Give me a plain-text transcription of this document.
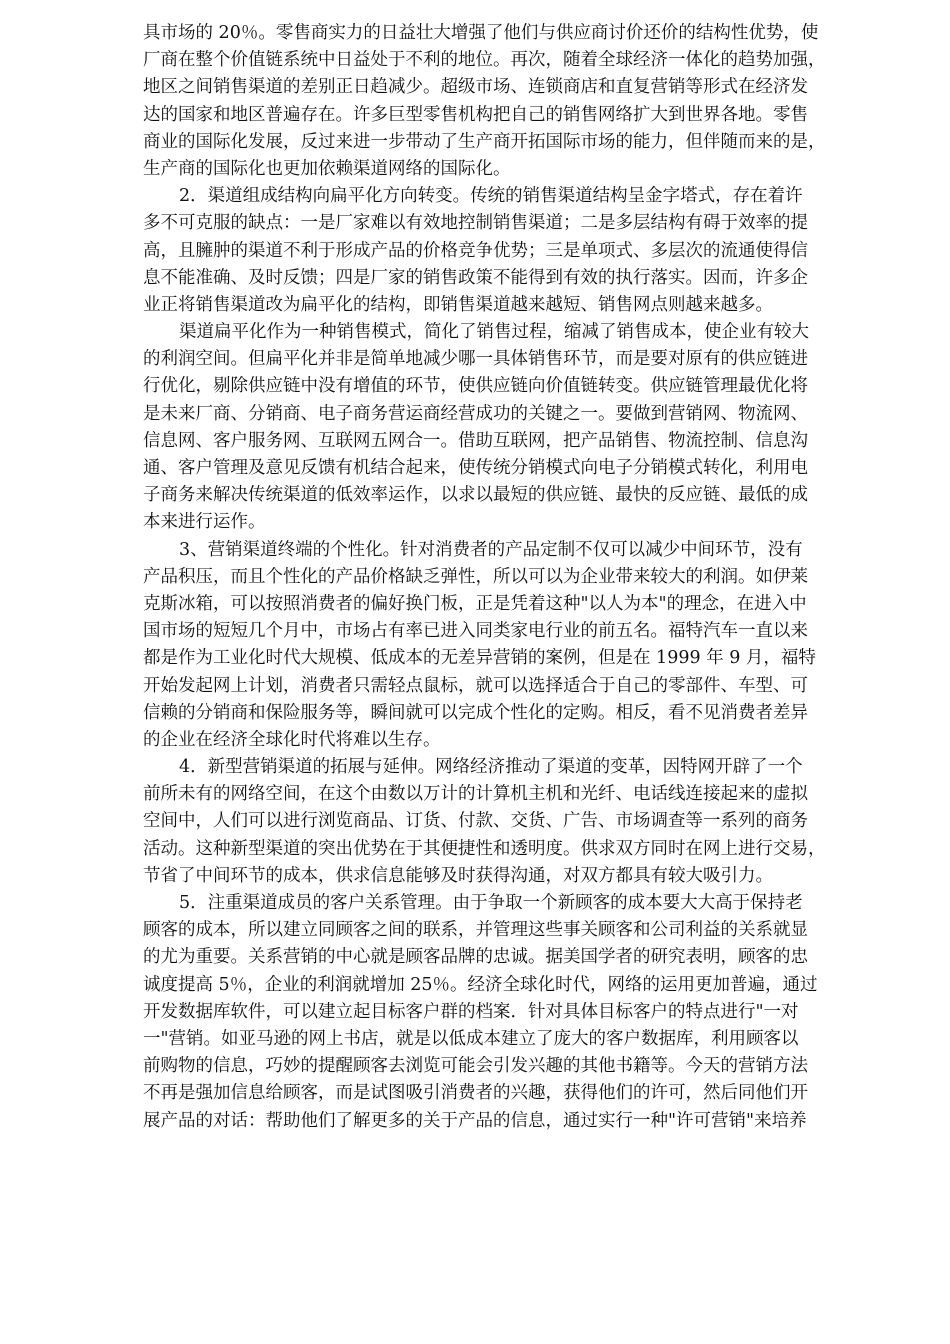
具市场的 20％。零售商实力的日益壮大增强了他们与供应商讨价还价的结构性优势，使
厂商在整个价值链系统中日益处于不利的地位。再次，随着全球经济一体化的趋势加强，
地区之间销售渠道的差别正日趋减少。超级市场、连锁商店和直复营销等形式在经济发
达的国家和地区普遍存在。许多巨型零售机构把自己的销售网络扩大到世界各地。零售
商业的国际化发展，反过来进一步带动了生产商开拓国际市场的能力，但伴随而来的是，
生产商的国际化也更加依赖渠道网络的国际化。
2．渠道组成结构向扁平化方向转变。传统的销售渠道结构呈金字塔式，存在着许
多不可克服的缺点：一是厂家难以有效地控制销售渠道；二是多层结构有碍于效率的提
高，且臃肿的渠道不利于形成产品的价格竞争优势；三是单项式、多层次的流通使得信
息不能准确、及时反馈；四是厂家的销售政策不能得到有效的执行落实。因而，许多企
业正将销售渠道改为扁平化的结构，即销售渠道越来越短、销售网点则越来越多。
渠道扁平化作为一种销售模式，简化了销售过程，缩减了销售成本，使企业有较大
的利润空间。但扁平化并非是简单地减少哪一具体销售环节，而是要对原有的供应链进
行优化，剔除供应链中没有增值的环节，使供应链向价值链转变。供应链管理最优化将
是未来厂商、分销商、电子商务营运商经营成功的关键之一。要做到营销网、物流网、
信息网、客户服务网、互联网五网合一。借助互联网，把产品销售、物流控制、信息沟
通、客户管理及意见反馈有机结合起来，使传统分销模式向电子分销模式转化，利用电
子商务来解决传统渠道的低效率运作，以求以最短的供应链、最快的反应链、最低的成
本来进行运作。
3、营销渠道终端的个性化。针对消费者的产品定制不仅可以减少中间环节，没有
产品积压，而且个性化的产品价格缺乏弹性，所以可以为企业带来较大的利润。如伊莱
克斯冰箱，可以按照消费者的偏好换门板，正是凭着这种"以人为本"的理念，在进入中
国市场的短短几个月中，市场占有率已进入同类家电行业的前五名。福特汽车一直以来
都是作为工业化时代大规模、低成本的无差异营销的案例，但是在 1999 年 9 月，福特
开始发起网上计划，消费者只需轻点鼠标，就可以选择适合于自己的零部件、车型、可
信赖的分销商和保险服务等，瞬间就可以完成个性化的定购。相反，看不见消费者差异
的企业在经济全球化时代将难以生存。
4．新型营销渠道的拓展与延伸。网络经济推动了渠道的变革，因特网开辟了一个
前所未有的网络空间，在这个由数以万计的计算机主机和光纤、电话线连接起来的虚拟
空间中，人们可以进行浏览商品、订货、付款、交货、广告、市场调查等一系列的商务
活动。这种新型渠道的突出优势在于其便捷性和透明度。供求双方同时在网上进行交易，
节省了中间环节的成本，供求信息能够及时获得沟通，对双方都具有较大吸引力。
5．注重渠道成员的客户关系管理。由于争取一个新顾客的成本要大大高于保持老
顾客的成本，所以建立同顾客之间的联系，并管理这些事关顾客和公司利益的关系就显
的尤为重要。关系营销的中心就是顾客品牌的忠诚。据美国学者的研究表明，顾客的忠
诚度提高 5％，企业的利润就增加 25％。经济全球化时代，网络的运用更加普遍，通过
开发数据库软件，可以建立起目标客户群的档案．针对具体目标客户的特点进行"一对
一"营销。如亚马逊的网上书店，就是以低成本建立了庞大的客户数据库，利用顾客以
前购物的信息，巧妙的提醒顾客去浏览可能会引发兴趣的其他书籍等。今天的营销方法
不再是强加信息给顾客，而是试图吸引消费者的兴趣，获得他们的许可，然后同他们开
展产品的对话：帮助他们了解更多的关于产品的信息，通过实行一种"许可营销"来培养
